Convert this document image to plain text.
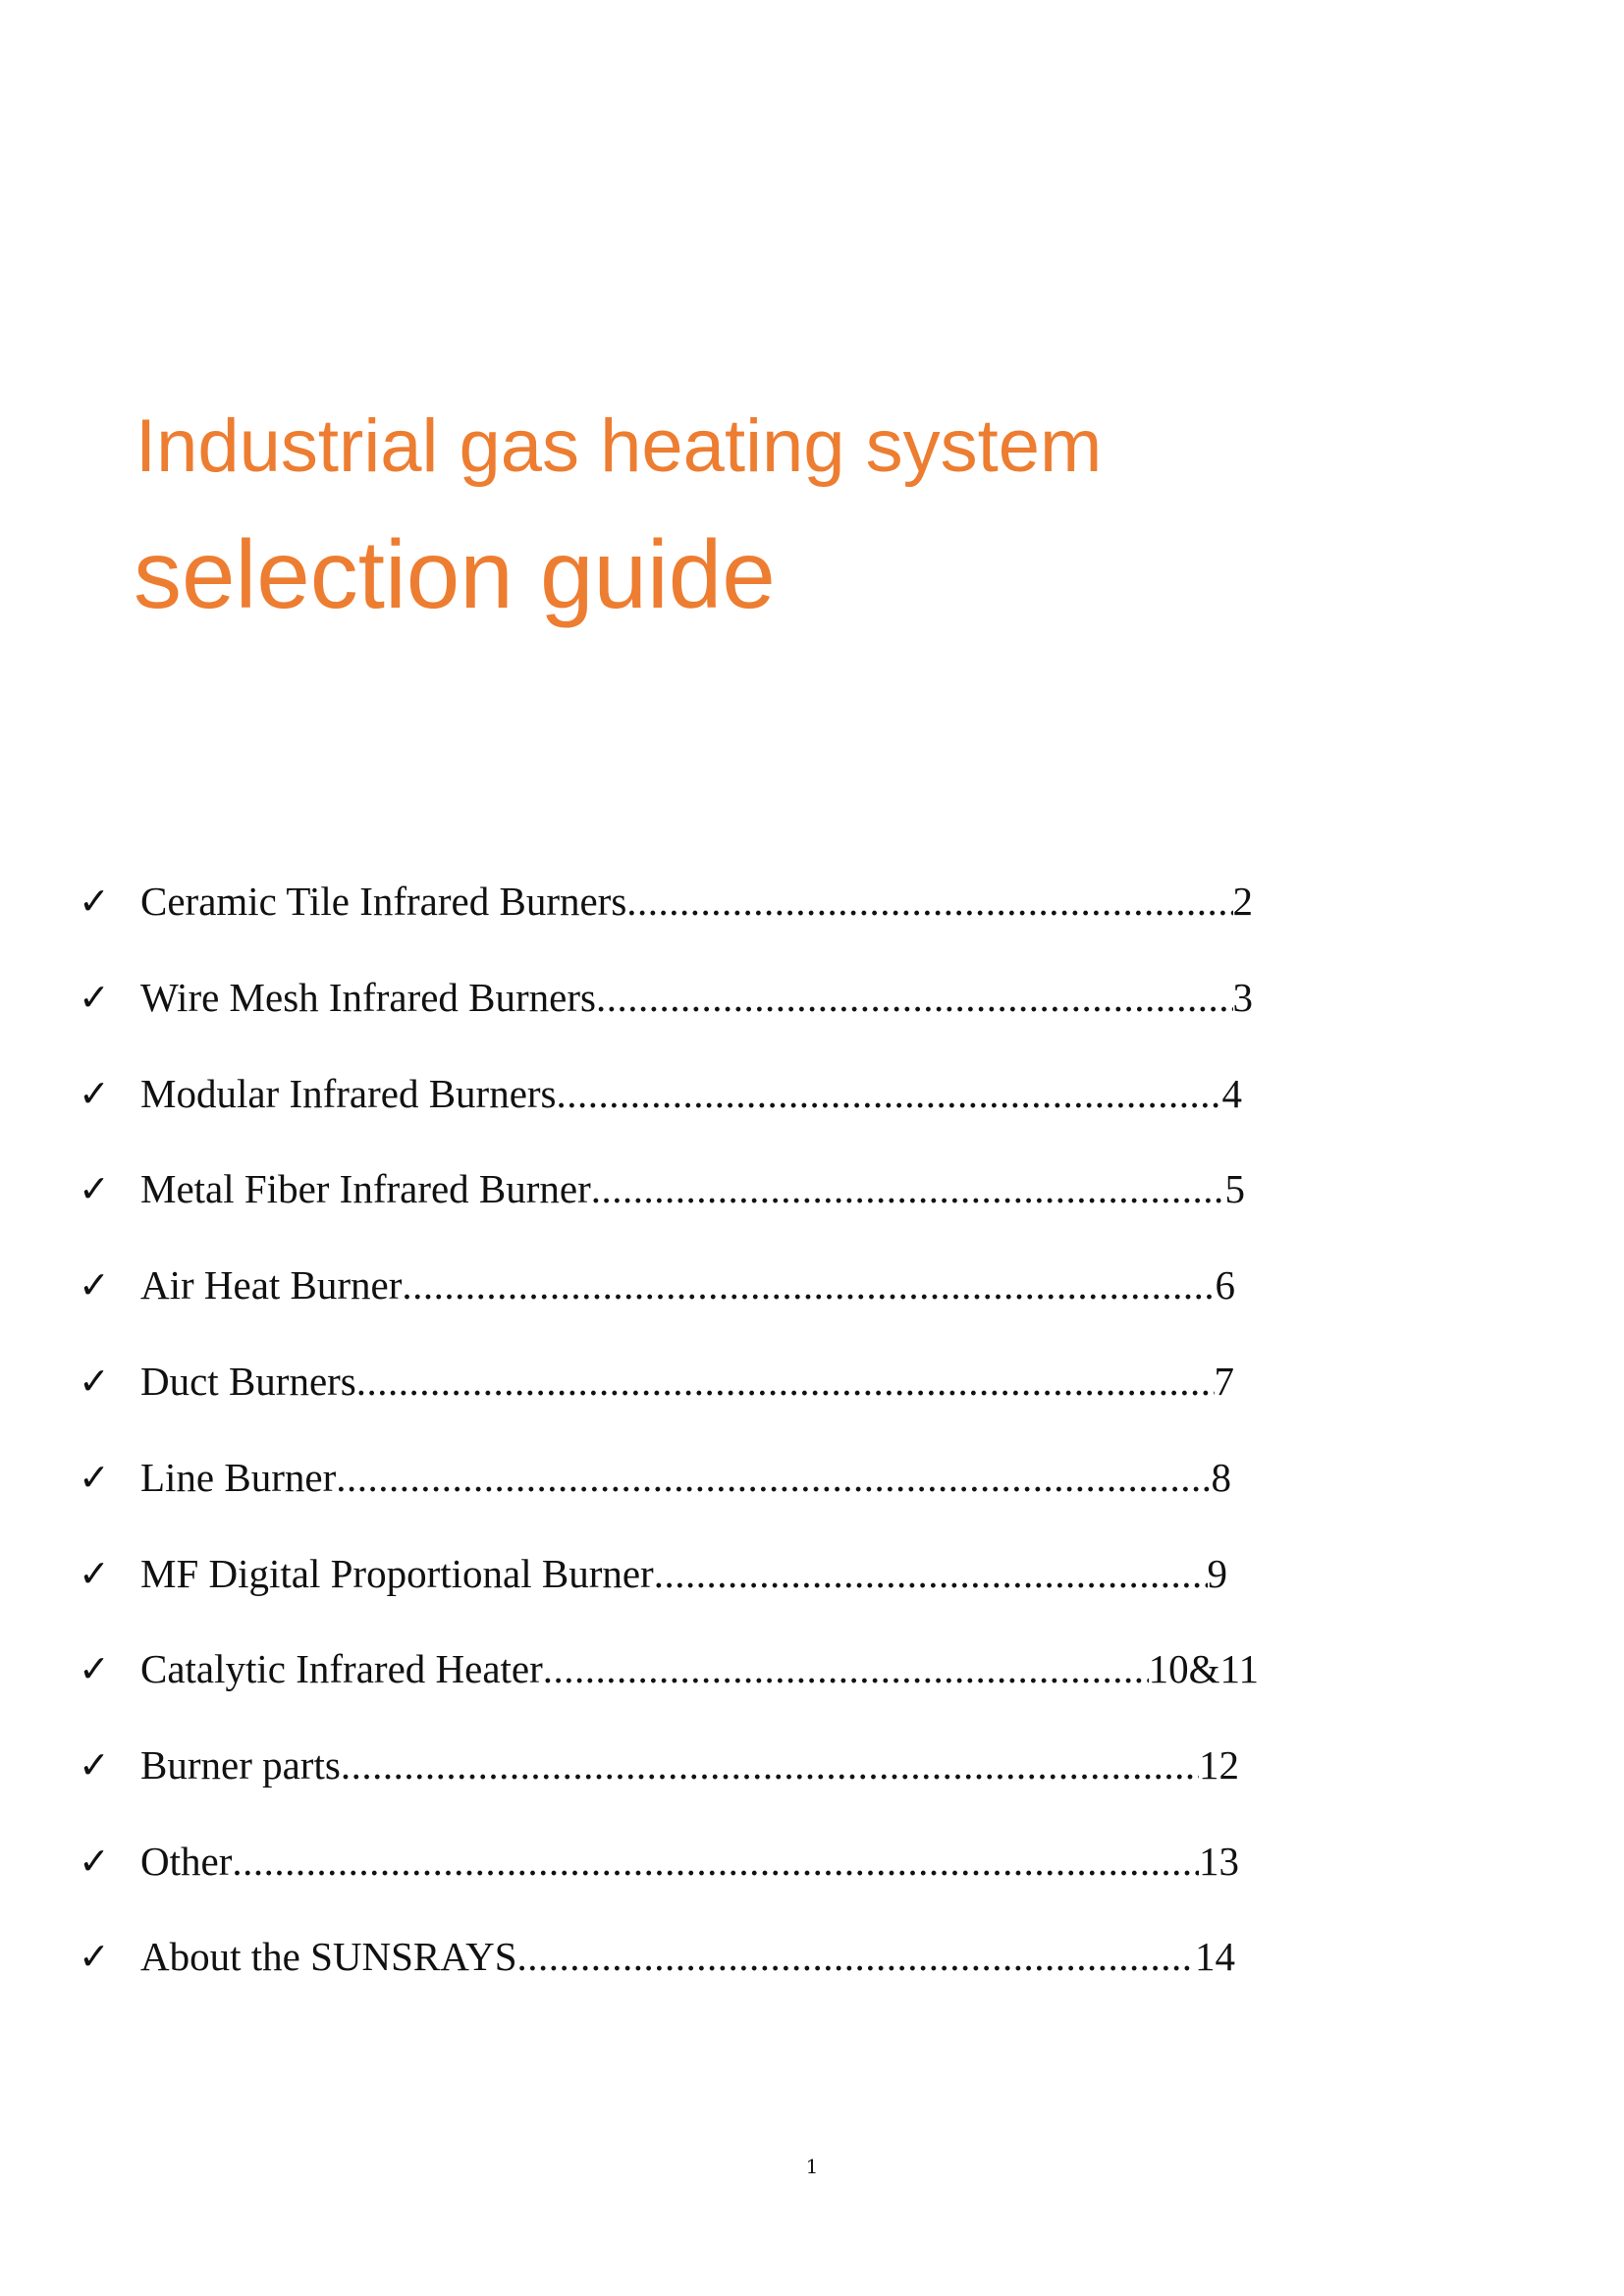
Industrial gas heating system
selection guide
✓ Ceramic Tile Infrared Burners .....	2
✓ Wire Mesh Infrared Burners .....	3
✓ Modular Infrared Burners .....	4
✓ Metal Fiber Infrared Burner .....	5
✓ Air Heat Burner .....	6
✓ Duct Burners .....	7
✓ Line Burner .....	8
✓ MF Digital Proportional Burner .....	9
✓ Catalytic Infrared Heater .....	10&11
✓ Burner parts .....	12
✓ Other .....	13
✓ About the SUNSRAYS .....	14
1
